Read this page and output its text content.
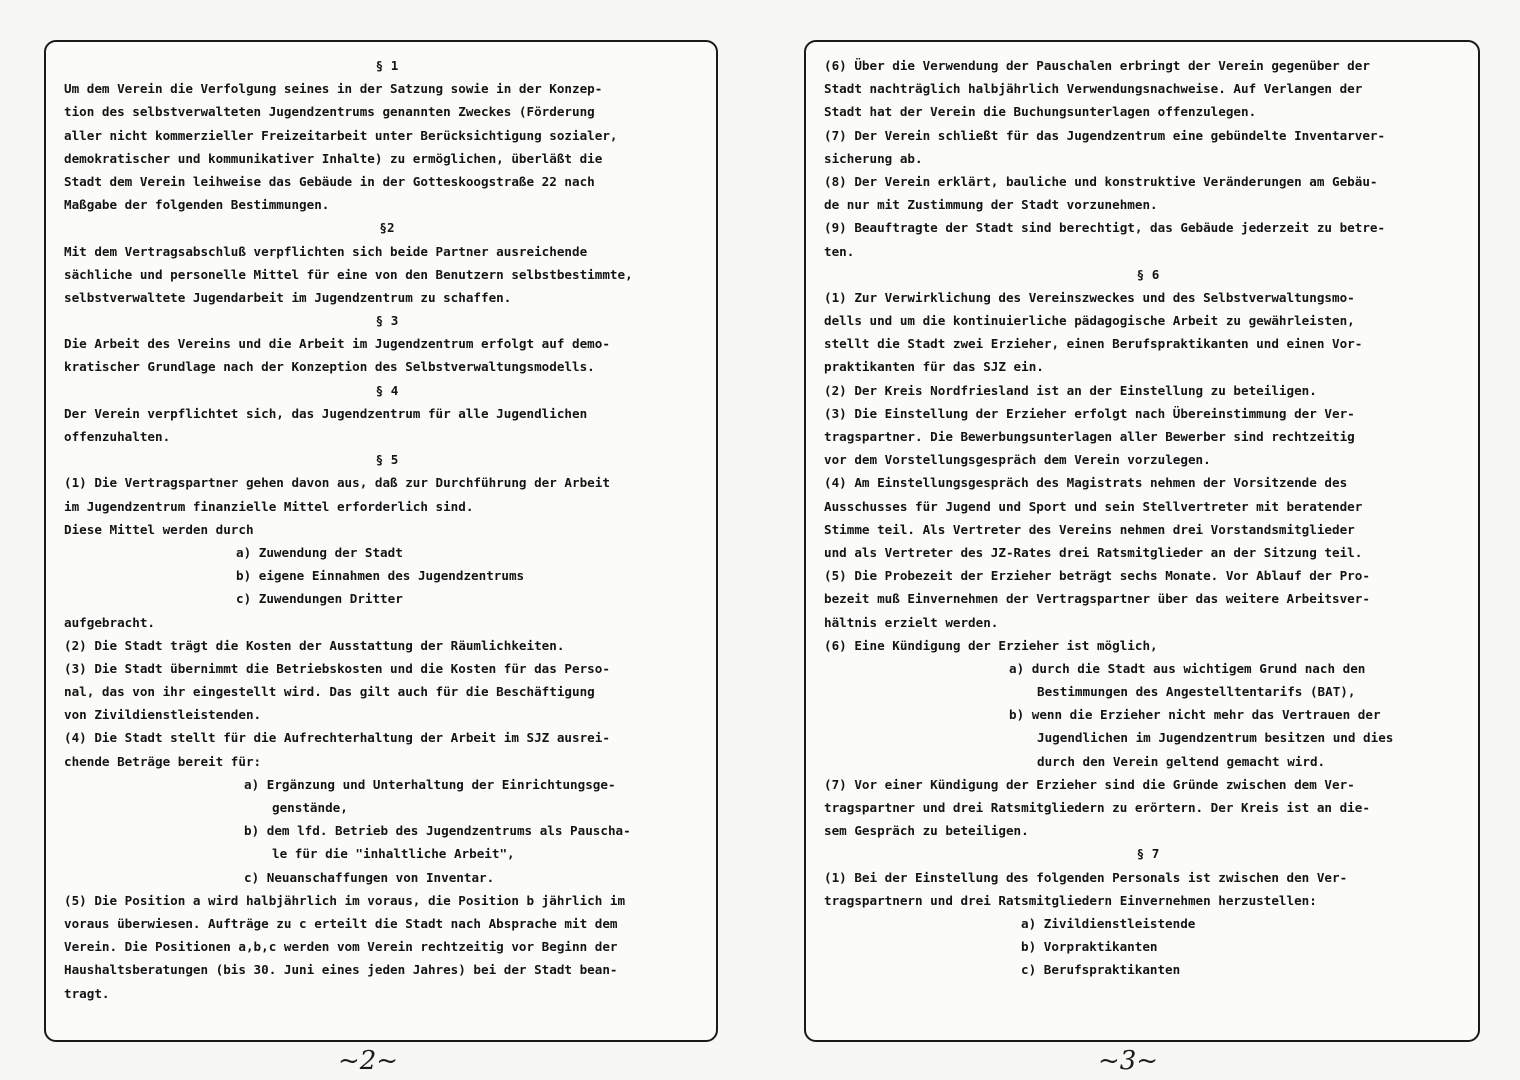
§ 1
Um dem Verein die Verfolgung seines in der Satzung sowie in der Konzep-
tion des selbstverwalteten Jugendzentrums genannten Zweckes (Förderung
aller nicht kommerzieller Freizeitarbeit unter Berücksichtigung sozialer,
demokratischer und kommunikativer Inhalte) zu ermöglichen, überläßt die
Stadt dem Verein leihweise das Gebäude in der Gotteskoogstraße 22 nach
Maßgabe der folgenden Bestimmungen.
§2
Mit dem Vertragsabschluß verpflichten sich beide Partner ausreichende
sächliche und personelle Mittel für eine von den Benutzern selbstbestimmte,
selbstverwaltete Jugendarbeit im Jugendzentrum zu schaffen.
§ 3
Die Arbeit des Vereins und die Arbeit im Jugendzentrum erfolgt auf demo-
kratischer Grundlage nach der Konzeption des Selbstverwaltungsmodells.
§ 4
Der Verein verpflichtet sich, das Jugendzentrum für alle Jugendlichen
offenzuhalten.
§ 5
(1) Die Vertragspartner gehen davon aus, daß zur Durchführung der Arbeit
im Jugendzentrum finanzielle Mittel erforderlich sind.
Diese Mittel werden durch
a) Zuwendung der Stadt
b) eigene Einnahmen des Jugendzentrums
c) Zuwendungen Dritter
aufgebracht.
(2) Die Stadt trägt die Kosten der Ausstattung der Räumlichkeiten.
(3) Die Stadt übernimmt die Betriebskosten und die Kosten für das Perso-
nal, das von ihr eingestellt wird. Das gilt auch für die Beschäftigung
von Zivildienstleistenden.
(4) Die Stadt stellt für die Aufrechterhaltung der Arbeit im SJZ ausrei-
chende Beträge bereit für:
a) Ergänzung und Unterhaltung der Einrichtungsge-
genstände,
b) dem lfd. Betrieb des Jugendzentrums als Pauscha-
le für die "inhaltliche Arbeit",
c) Neuanschaffungen von Inventar.
(5) Die Position a wird halbjährlich im voraus, die Position b jährlich im
voraus überwiesen. Aufträge zu c erteilt die Stadt nach Absprache mit dem
Verein. Die Positionen a,b,c werden vom Verein rechtzeitig vor Beginn der
Haushaltsberatungen (bis 30. Juni eines jeden Jahres) bei der Stadt bean-
tragt.
~2~
(6) Über die Verwendung der Pauschalen erbringt der Verein gegenüber der
Stadt nachträglich halbjährlich Verwendungsnachweise. Auf Verlangen der
Stadt hat der Verein die Buchungsunterlagen offenzulegen.
(7) Der Verein schließt für das Jugendzentrum eine gebündelte Inventarver-
sicherung ab.
(8) Der Verein erklärt, bauliche und konstruktive Veränderungen am Gebäu-
de nur mit Zustimmung der Stadt vorzunehmen.
(9) Beauftragte der Stadt sind berechtigt, das Gebäude jederzeit zu betre-
ten.
§ 6
(1) Zur Verwirklichung des Vereinszweckes und des Selbstverwaltungsmo-
dells und um die kontinuierliche pädagogische Arbeit zu gewährleisten,
stellt die Stadt zwei Erzieher, einen Berufspraktikanten und einen Vor-
praktikanten für das SJZ ein.
(2) Der Kreis Nordfriesland ist an der Einstellung zu beteiligen.
(3) Die Einstellung der Erzieher erfolgt nach Übereinstimmung der Ver-
tragspartner. Die Bewerbungsunterlagen aller Bewerber sind rechtzeitig
vor dem Vorstellungsgespräch dem Verein vorzulegen.
(4) Am Einstellungsgespräch des Magistrats nehmen der Vorsitzende des
Ausschusses für Jugend und Sport und sein Stellvertreter mit beratender
Stimme teil. Als Vertreter des Vereins nehmen drei Vorstandsmitglieder
und als Vertreter des JZ-Rates drei Ratsmitglieder an der Sitzung teil.
(5) Die Probezeit der Erzieher beträgt sechs Monate. Vor Ablauf der Pro-
bezeit muß Einvernehmen der Vertragspartner über das weitere Arbeitsver-
hältnis erzielt werden.
(6) Eine Kündigung der Erzieher ist möglich,
a) durch die Stadt aus wichtigem Grund nach den
Bestimmungen des Angestelltentarifs (BAT),
b) wenn die Erzieher nicht mehr das Vertrauen der
Jugendlichen im Jugendzentrum besitzen und dies
durch den Verein geltend gemacht wird.
(7) Vor einer Kündigung der Erzieher sind die Gründe zwischen dem Ver-
tragspartner und drei Ratsmitgliedern zu erörtern. Der Kreis ist an die-
sem Gespräch zu beteiligen.
§ 7
(1) Bei der Einstellung des folgenden Personals ist zwischen den Ver-
tragspartnern und drei Ratsmitgliedern Einvernehmen herzustellen:
a) Zivildienstleistende
b) Vorpraktikanten
c) Berufspraktikanten
~3~
